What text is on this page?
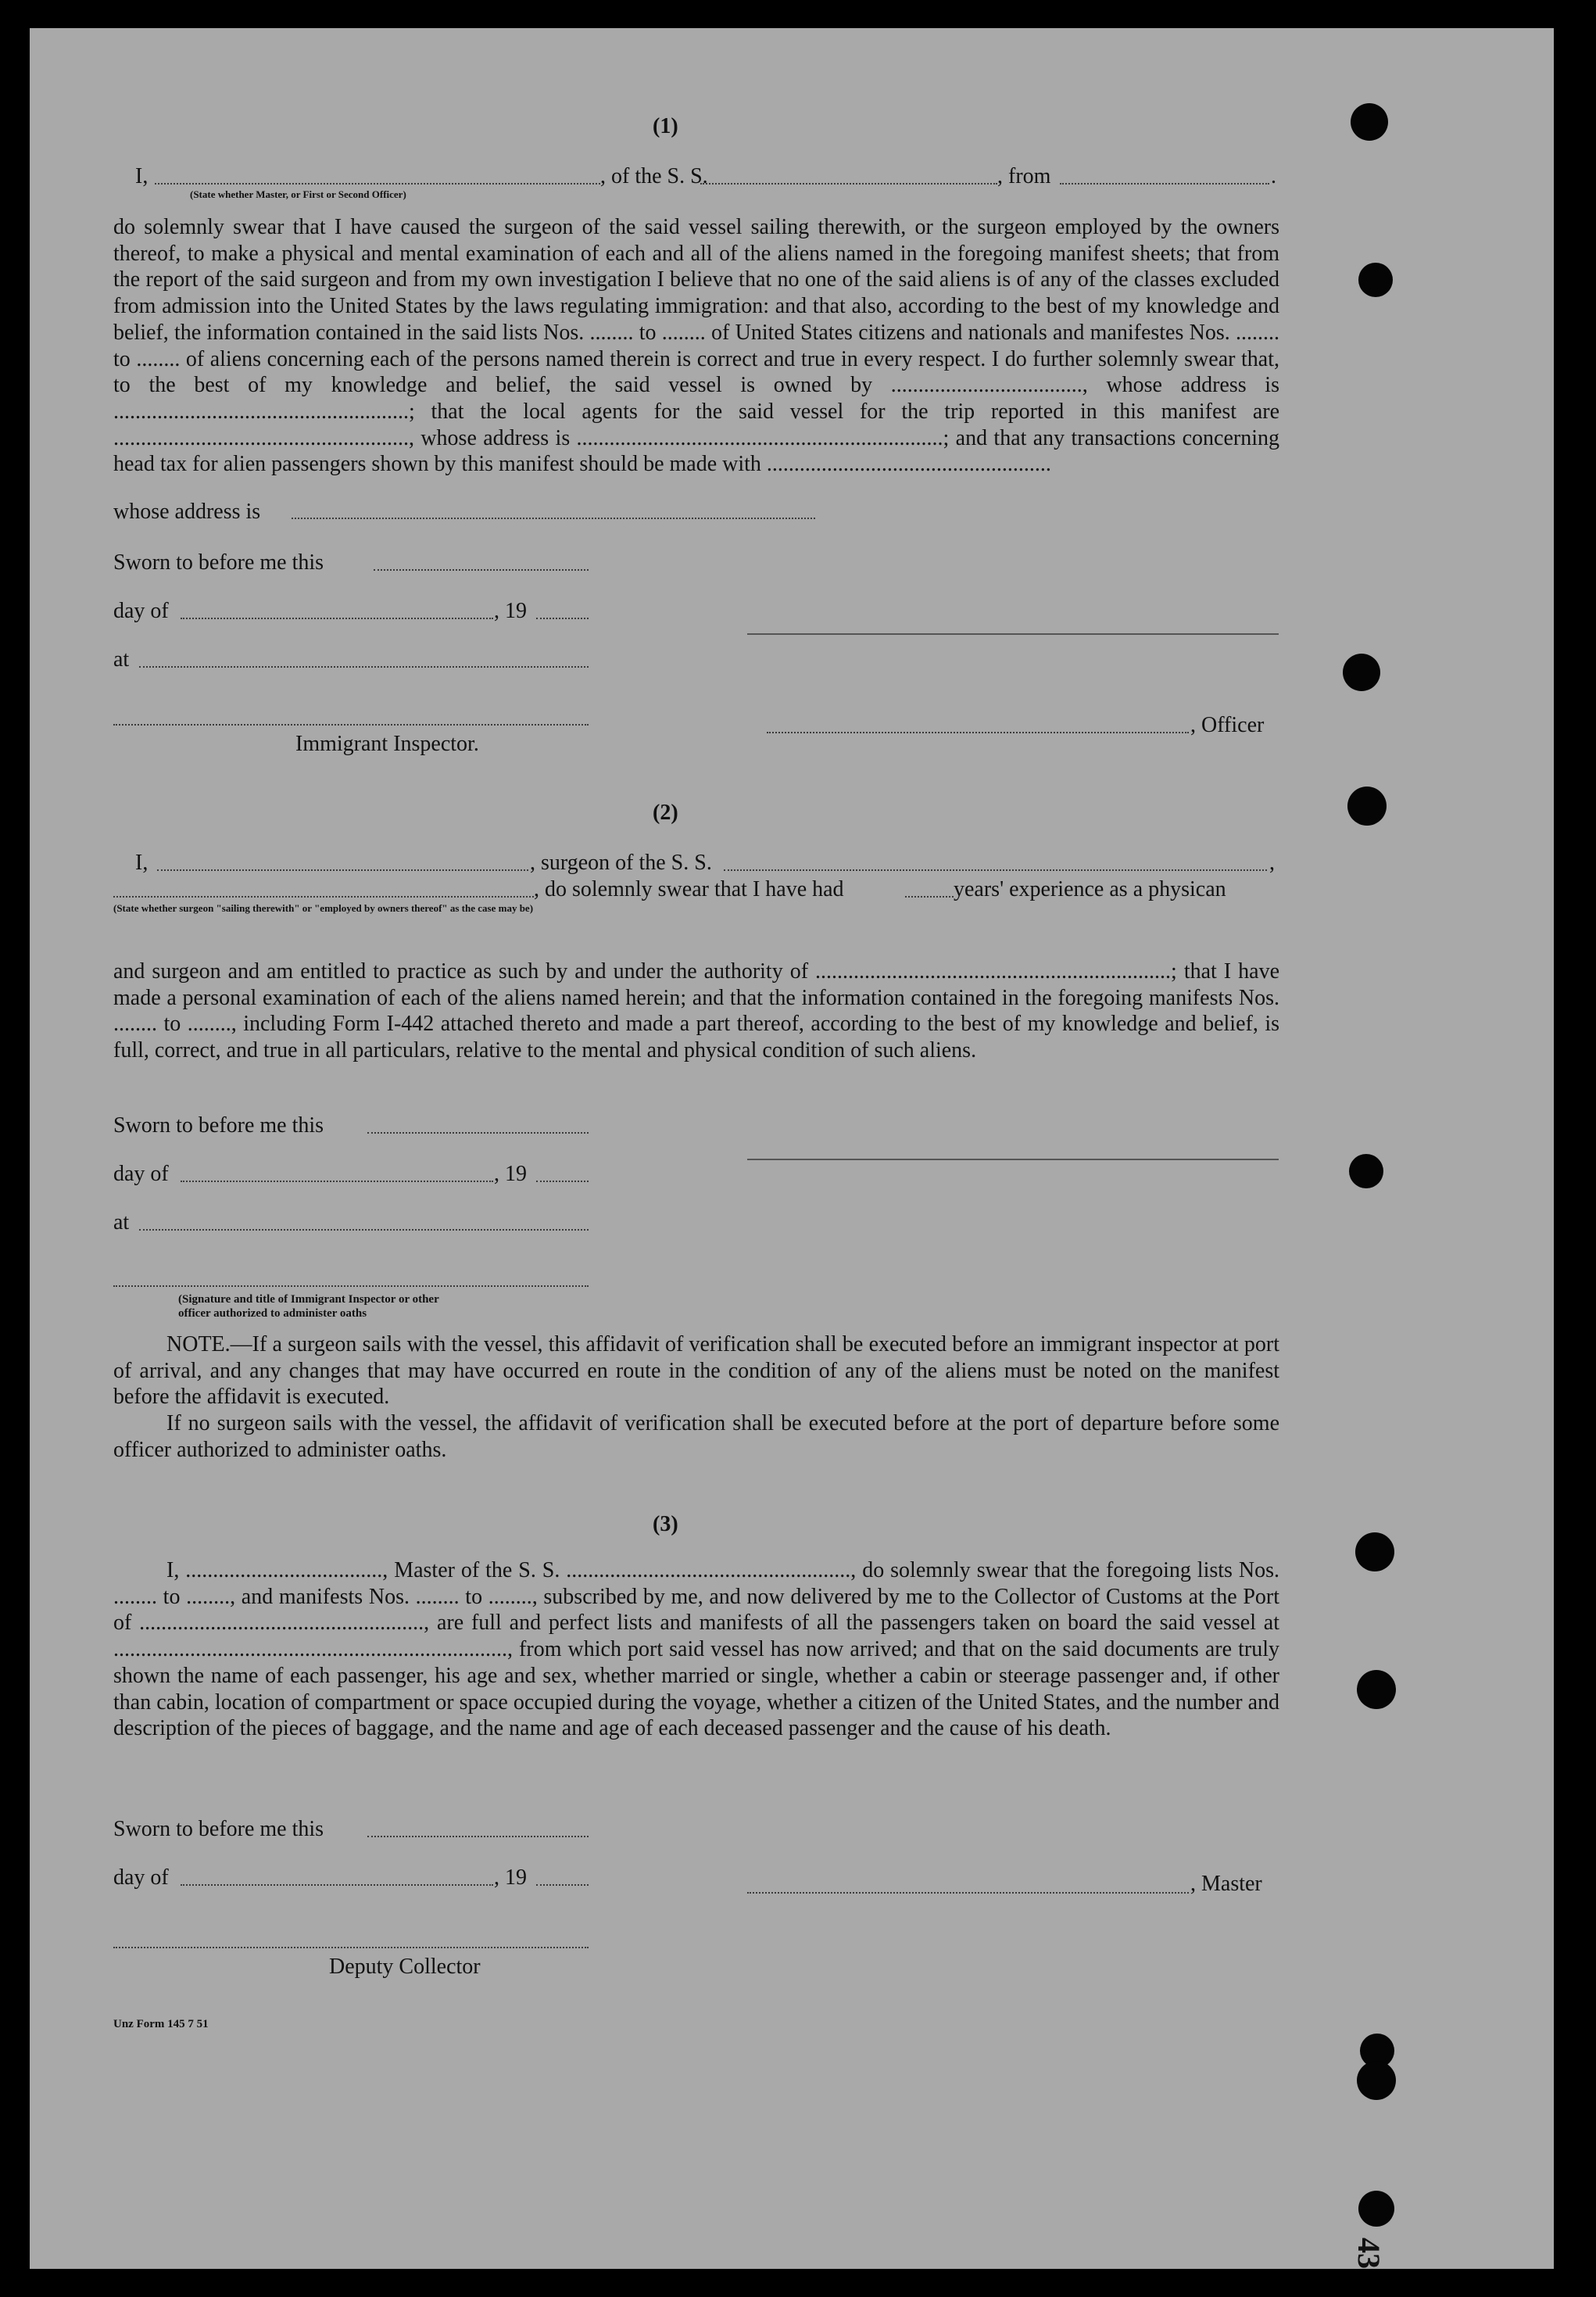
(1)
I,	, of the S. S.	, from	.
(State whether Master, or First or Second Officer)

do solemnly swear that I have caused the surgeon of the said vessel sailing therewith, or the surgeon employed by the owners thereof, to make a physical and mental examination of each and all of the aliens named in the foregoing manifest sheets; that from the report of the said surgeon and from my own investigation I believe that no one of the said aliens is of any of the classes excluded from admission into the United States by the laws regulating immigration: and that also, according to the best of my knowledge and belief, the information contained in the said lists Nos. ........ to ........ of United States citizens and nationals and manifestes Nos. ........ to ........ of aliens concerning each of the persons named therein is correct and true in every respect. I do further solemnly swear that, to the best of my knowledge and belief, the said vessel is owned by ..................................., whose address is ......................................................; that the local agents for the said vessel for the trip reported in this manifest are ......................................................, whose address is ...................................................................; and that any transactions concerning head tax for alien passengers shown by this manifest should be made with ....................................................

whose address is
Sworn to before me this
day of	, 19
at
, Officer
Immigrant Inspector.
(2)
I,	, surgeon of the S. S.	,
, do solemnly swear that I have had	years' experience as a physican
(State whether surgeon "sailing therewith" or "employed by owners thereof" as the case may be)

and surgeon and am entitled to practice as such by and under the authority of .................................................................; that I have made a personal examination of each of the aliens named herein; and that the information contained in the foregoing manifests Nos. ........ to ........, including Form I-442 attached thereto and made a part thereof, according to the best of my knowledge and belief, is full, correct, and true in all particulars, relative to the mental and physical condition of such aliens.

Sworn to before me this
day of	, 19
at
(Signature and title of Immigrant Inspector or other
officer authorized to administer oaths

NOTE.—If a surgeon sails with the vessel, this affidavit of verification shall be executed before an immigrant inspector at port of arrival, and any changes that may have occurred en route in the condition of any of the aliens must be noted on the manifest before the affidavit is executed.

If no surgeon sails with the vessel, the affidavit of verification shall be executed before at the port of departure before some officer authorized to administer oaths.

(3)

I, ...................................., Master of the S. S. ...................................................., do solemnly swear that the foregoing lists Nos. ........ to ........, and manifests Nos. ........ to ........, subscribed by me, and now delivered by me to the Collector of Customs at the Port of ...................................................., are full and perfect lists and manifests of all the passengers taken on board the said vessel at ........................................................................, from which port said vessel has now arrived; and that on the said documents are truly shown the name of each passenger, his age and sex, whether married or single, whether a cabin or steerage passenger and, if other than cabin, location of compartment or space occupied during the voyage, whether a citizen of the United States, and the number and description of the pieces of baggage, and the name and age of each deceased passenger and the cause of his death.

Sworn to before me this
day of	, 19	, Master
Deputy Collector
Unz Form 145 7 51
43
